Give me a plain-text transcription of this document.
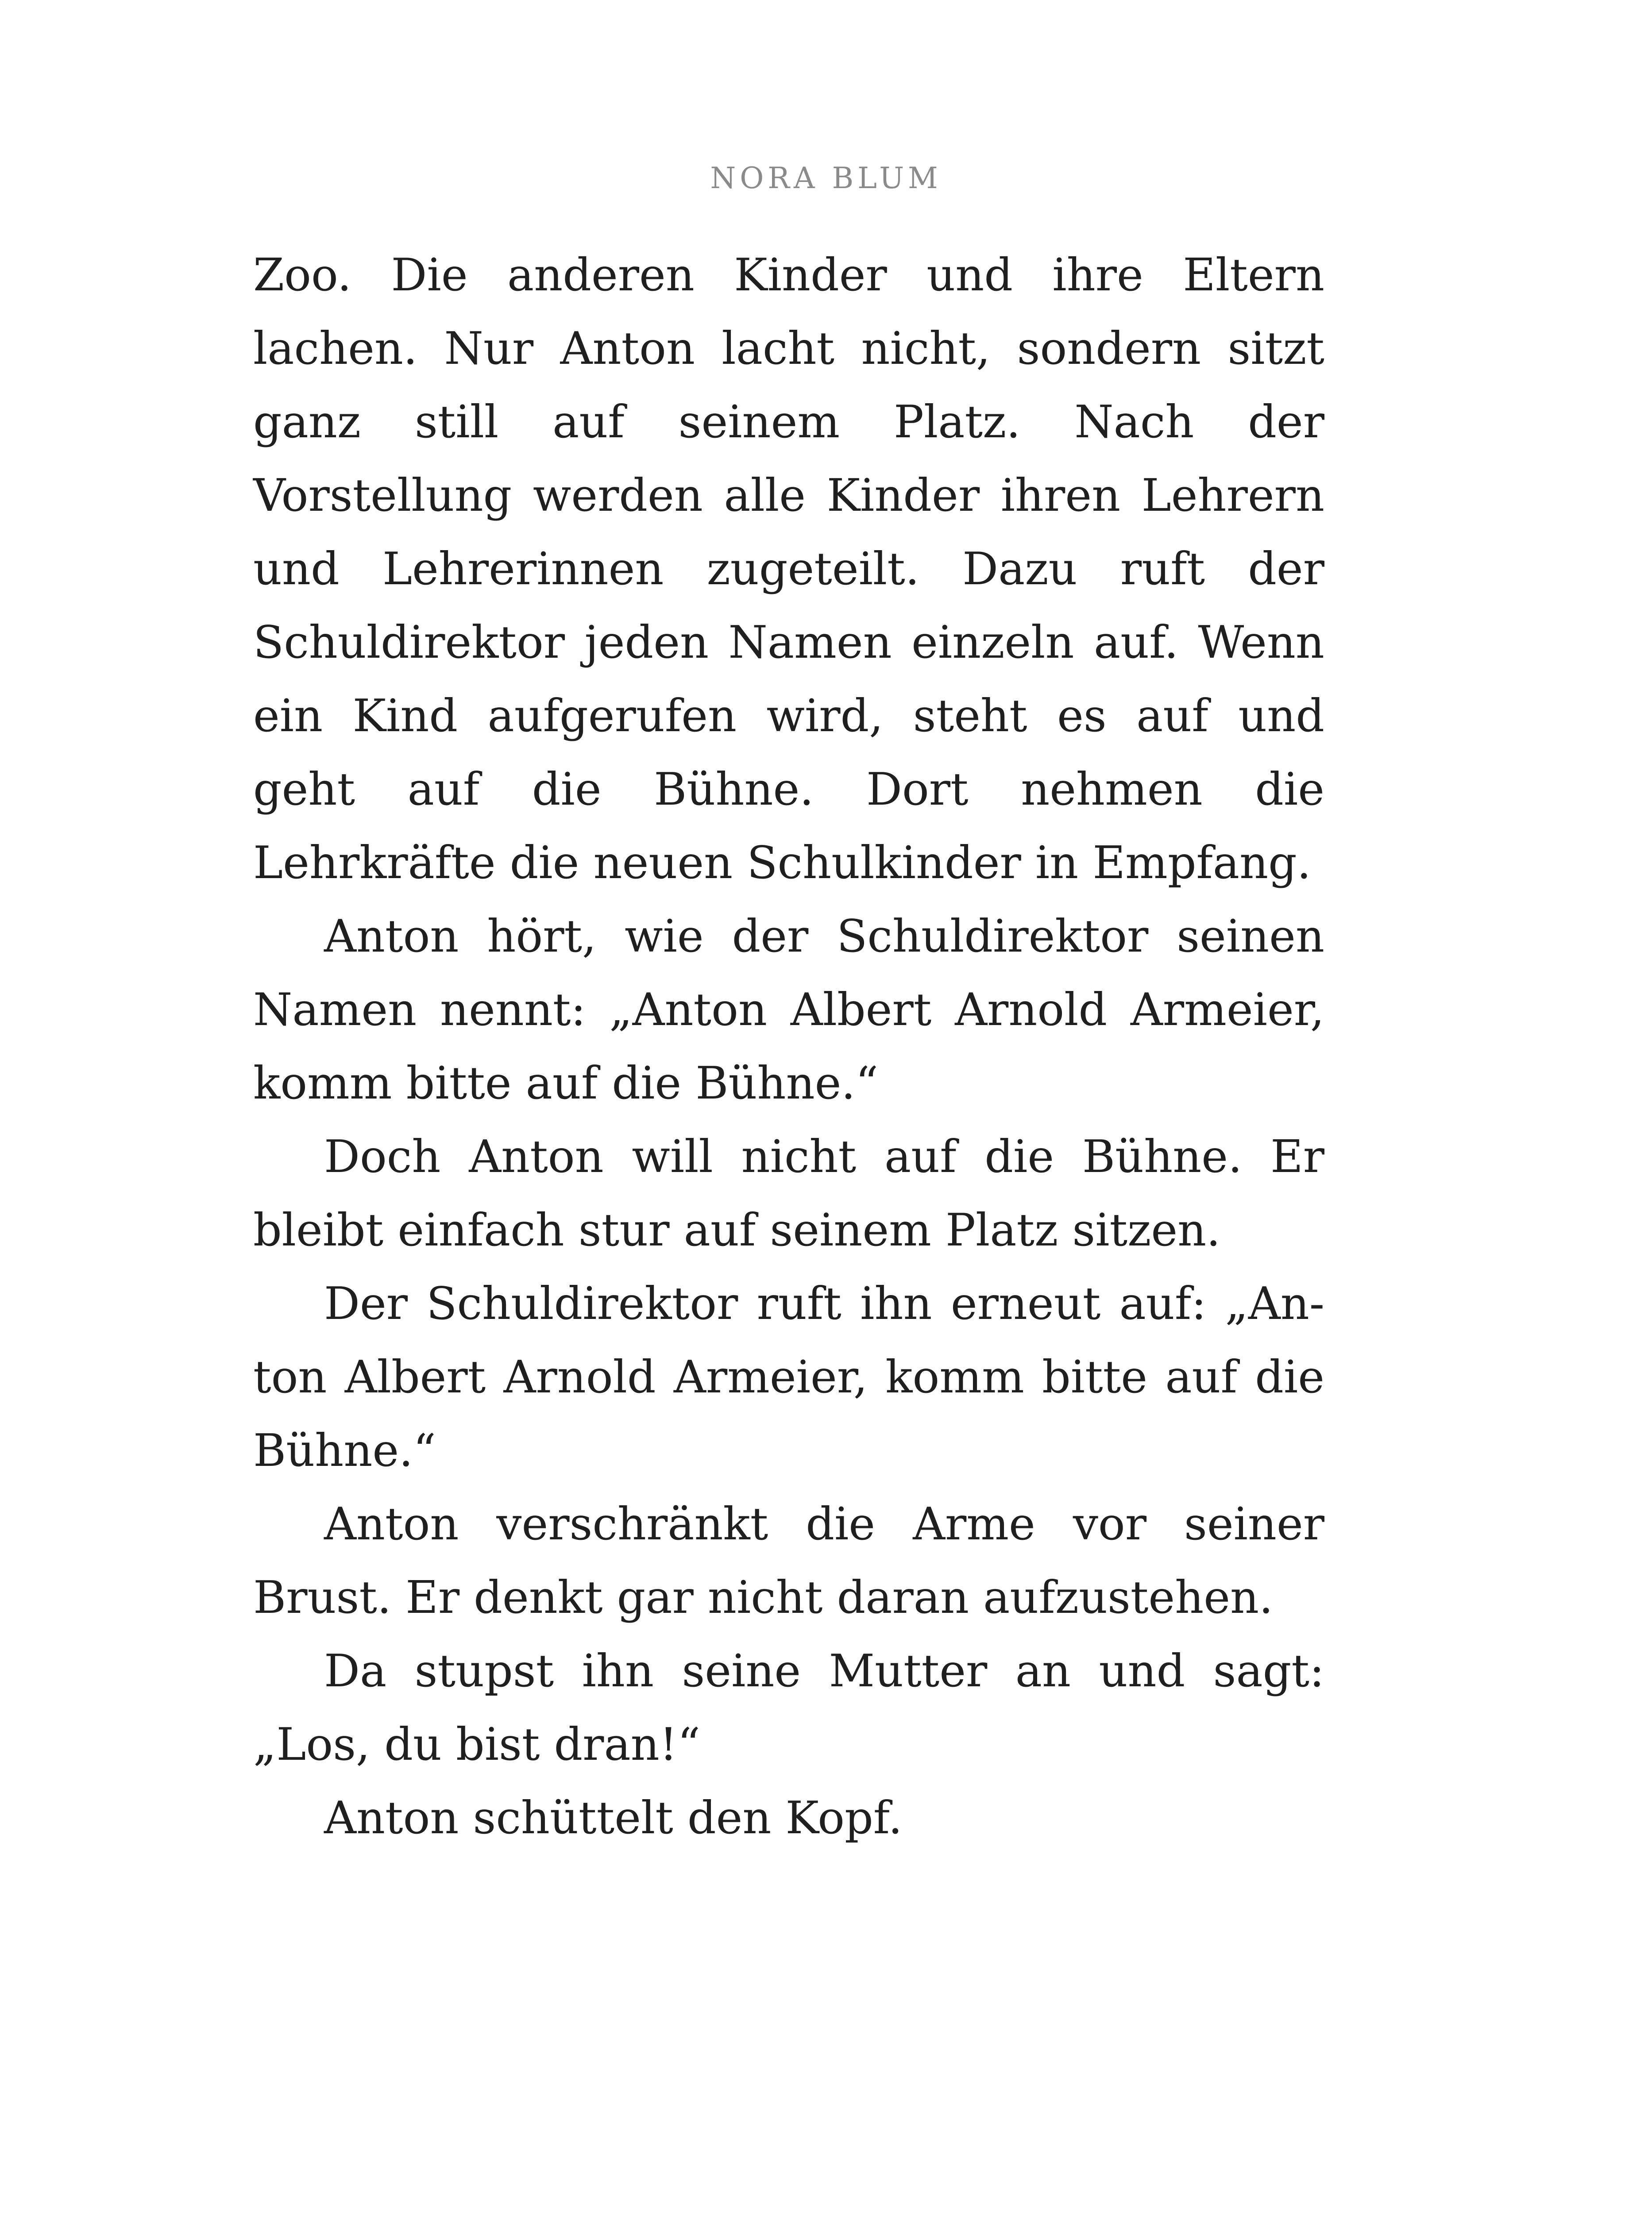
NORA BLUM

Zoo. Die anderen Kinder und ihre Eltern lachen. Nur Anton lacht nicht, sondern sitzt ganz still auf seinem Platz. Nach der Vorstellung werden alle Kinder ihren Lehrern und Lehrerinnen zugeteilt. Dazu ruft der Schuldirektor jeden Namen einzeln auf. Wenn ein Kind aufgerufen wird, steht es auf und geht auf die Bühne. Dort nehmen die Lehrkräfte die neuen Schulkinder in Empfang.

Anton hört, wie der Schuldirektor seinen Namen nennt: „Anton Albert Arnold Armeier, komm bitte auf die Bühne.“

Doch Anton will nicht auf die Bühne. Er bleibt einfach stur auf seinem Platz sitzen.

Der Schuldirektor ruft ihn erneut auf: „Anton Albert Arnold Armeier, komm bitte auf die Bühne.“

Anton verschränkt die Arme vor seiner Brust. Er denkt gar nicht daran aufzustehen.

Da stupst ihn seine Mutter an und sagt: „Los, du bist dran!“

Anton schüttelt den Kopf.
